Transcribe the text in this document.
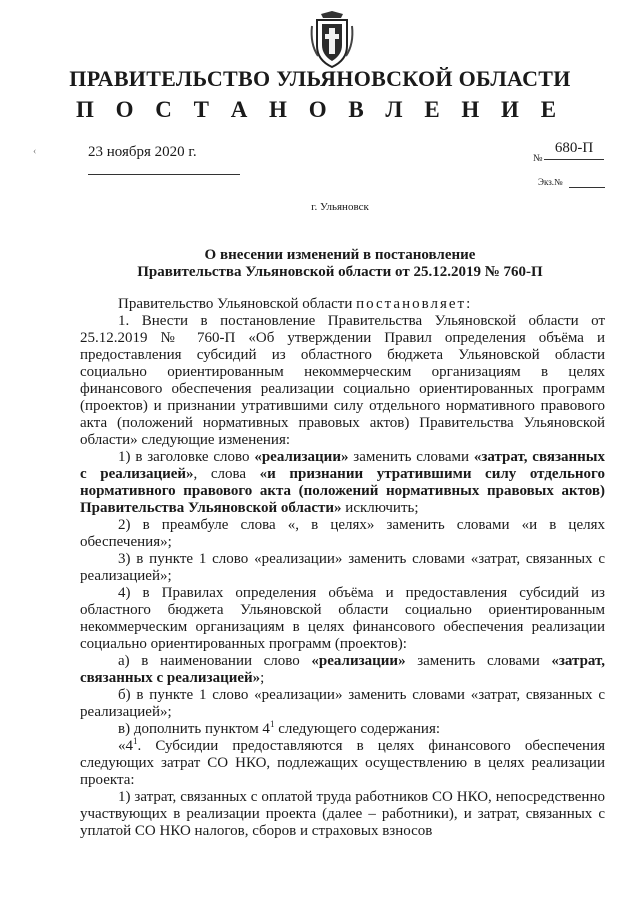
ПРАВИТЕЛЬСТВО УЛЬЯНОВСКОЙ ОБЛАСТИ
П О С Т А Н О В Л Е Н И Е
‹	23 ноября 2020 г.	№
680-П
Экз.№
г. Ульяновск
О внесении изменений в постановление
Правительства Ульяновской области от 25.12.2019 № 760-П

Правительство Ульяновской области постановляет:

1. Внести в постановление Правительства Ульяновской области от 25.12.2019 № 760-П «Об утверждении Правил определения объёма и предоставления субсидий из областного бюджета Ульяновской области социально ориентированным некоммерческим организациям в целях финансового обеспечения реализации социально ориентированных программ (проектов) и признании утратившими силу отдельного нормативного правового акта (положений нормативных правовых актов) Правительства Ульяновской области» следующие изменения:

1) в заголовке слово «реализации» заменить словами «затрат, связанных с реализацией», слова «и признании утратившими силу отдельного нормативного правового акта (положений нормативных правовых актов) Правительства Ульяновской области» исключить;

2) в преамбуле слова «, в целях» заменить словами «и в целях обеспечения»;

3) в пункте 1 слово «реализации» заменить словами «затрат, связанных с реализацией»;

4) в Правилах определения объёма и предоставления субсидий из областного бюджета Ульяновской области социально ориентированным некоммерческим организациям в целях финансового обеспечения реализации социально ориентированных программ (проектов):

а) в наименовании слово «реализации» заменить словами «затрат, связанных с реализацией»;

б) в пункте 1 слово «реализации» заменить словами «затрат, связанных с реализацией»;

в) дополнить пунктом $4^1$ следующего содержания:

«$4^1$. Субсидии предоставляются в целях финансового обеспечения следующих затрат СО НКО, подлежащих осуществлению в целях реализации проекта:

1) затрат, связанных с оплатой труда работников СО НКО, непосредственно участвующих в реализации проекта (далее – работники), и затрат, связанных с уплатой СО НКО налогов, сборов и страховых взносов
